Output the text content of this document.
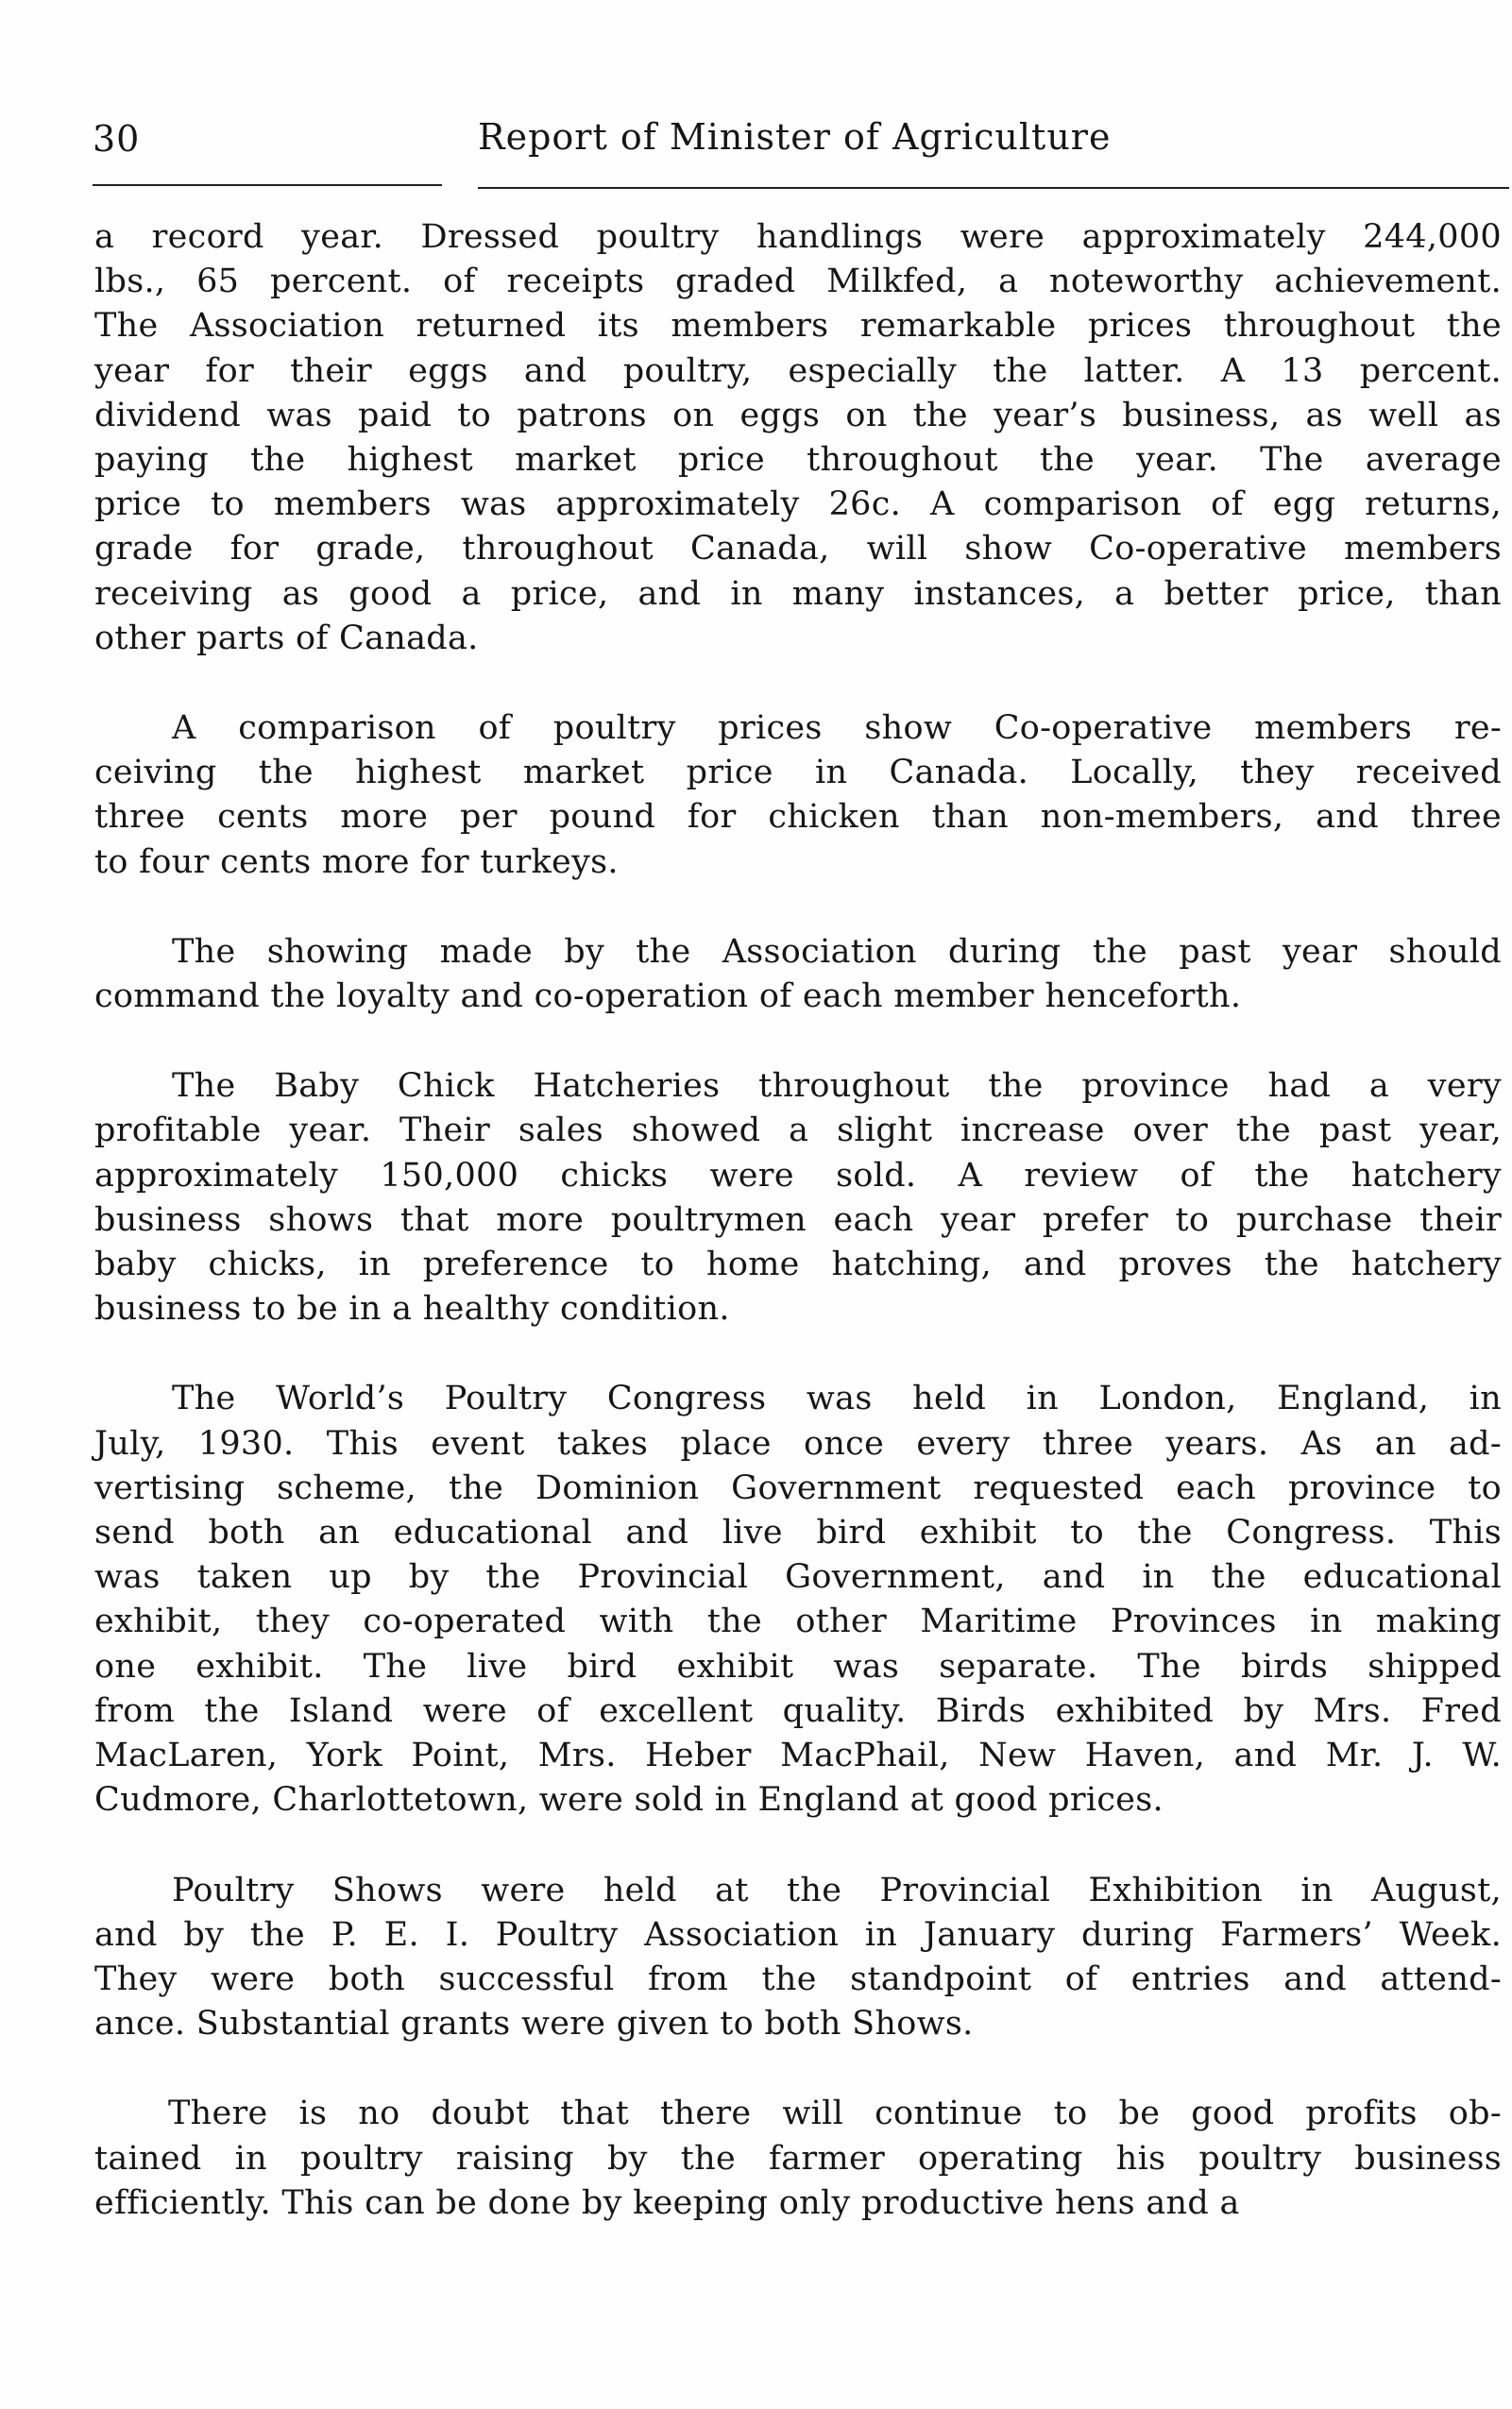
30	Report of Minister of Agriculture
a record year. Dressed poultry handlings were approximately 244,000
lbs., 65 percent. of receipts graded Milkfed, a noteworthy achievement.
The Association returned its members remarkable prices throughout the
year for their eggs and poultry, especially the latter. A 13 percent.
dividend was paid to patrons on eggs on the year’s business, as well as
paying the highest market price throughout the year. The average
price to members was approximately 26c. A comparison of egg returns,
grade for grade, throughout Canada, will show Co-operative members
receiving as good a price, and in many instances, a better price, than
other parts of Canada.
A comparison of poultry prices show Co-operative members re-
ceiving the highest market price in Canada. Locally, they received
three cents more per pound for chicken than non-members, and three
to four cents more for turkeys.
The showing made by the Association during the past year should
command the loyalty and co-operation of each member henceforth.
The Baby Chick Hatcheries throughout the province had a very
profitable year. Their sales showed a slight increase over the past year,
approximately 150,000 chicks were sold. A review of the hatchery
business shows that more poultrymen each year prefer to purchase their
baby chicks, in preference to home hatching, and proves the hatchery
business to be in a healthy condition.
The World’s Poultry Congress was held in London, England, in
July, 1930. This event takes place once every three years. As an ad-
vertising scheme, the Dominion Government requested each province to
send both an educational and live bird exhibit to the Congress. This
was taken up by the Provincial Government, and in the educational
exhibit, they co-operated with the other Maritime Provinces in making
one exhibit. The live bird exhibit was separate. The birds shipped
from the Island were of excellent quality. Birds exhibited by Mrs. Fred
MacLaren, York Point, Mrs. Heber MacPhail, New Haven, and Mr. J. W.
Cudmore, Charlottetown, were sold in England at good prices.
Poultry Shows were held at the Provincial Exhibition in August,
and by the P. E. I. Poultry Association in January during Farmers’ Week.
They were both successful from the standpoint of entries and attend-
ance. Substantial grants were given to both Shows.
There is no doubt that there will continue to be good profits ob-
tained in poultry raising by the farmer operating his poultry business
efficiently. This can be done by keeping only productive hens and a
